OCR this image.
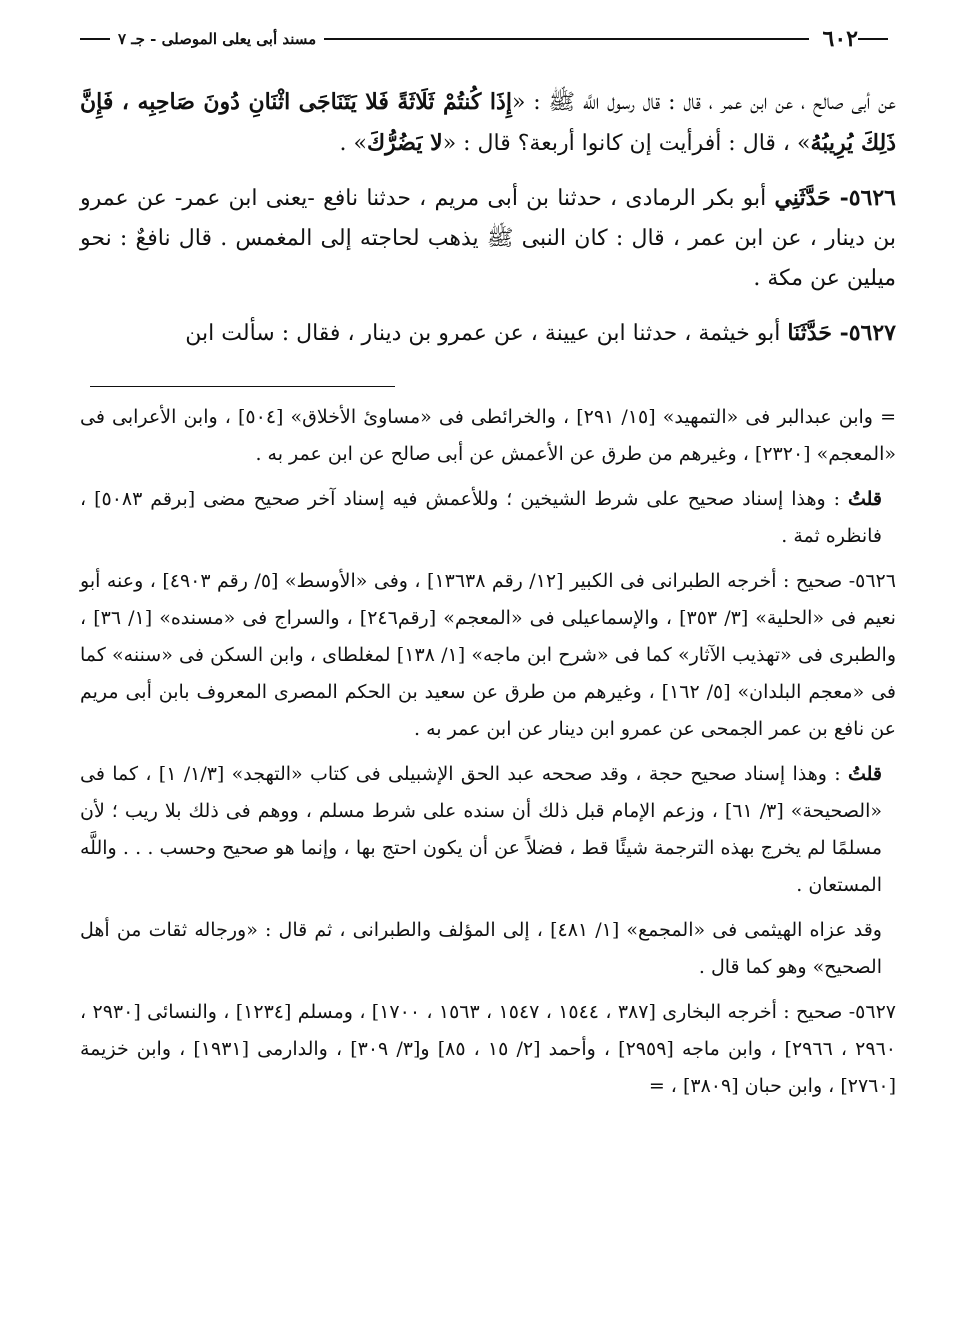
٦٠٢
مسند أبى يعلى الموصلى - جـ ٧

عن أبى صالح ، عن ابن عمر ، قال : قال رسول اللَّه ﷺ : «إِذَا كُنتُمْ ثَلَاثَةً فَلا يَتَنَاجَى اثْنَانِ دُونَ صَاحِبِه ، فَإِنَّ ذَلِكَ يُرِيبُهُ» ، قال : أفرأيت إن كانوا أربعة؟ قال : «لا يَضُرُّكَ» .

٥٦٢٦- حَدَّثَنِي أبو بكر الرمادى ، حدثنا بن أبى مريم ، حدثنا نافع -يعنى ابن عمر- عن عمرو بن دينار ، عن ابن عمر ، قال : كان النبى ﷺ يذهب لحاجته إلى المغمس . قال نافعٌ : نحو ميلين عن مكة .

٥٦٢٧- حَدَّثَنَا أبو خيثمة ، حدثنا ابن عيينة ، عن عمرو بن دينار ، فقال : سألت ابن

= وابن عبدالبر فى «التمهيد» [١٥/ ٢٩١] ، والخرائطى فى «مساوئ الأخلاق» [٥٠٤] ، وابن الأعرابى فى «المعجم» [٢٣٢٠] ، وغيرهم من طرق عن الأعمش عن أبى صالح عن ابن عمر به .

قلتُ : وهذا إسناد صحيح على شرط الشيخين ؛ وللأعمش فيه إسناد آخر صحيح مضى [برقم ٥٠٨٣] ، فانظره ثمة .

٥٦٢٦- صحيح : أخرجه الطبرانى فى الكبير [١٢/ رقم ١٣٦٣٨] ، وفى «الأوسط» [٥/ رقم ٤٩٠٣] ، وعنه أبو نعيم فى «الحلية» [٣/ ٣٥٣] ، والإسماعيلى فى «المعجم» [رقم٢٤٦] ، والسراج فى «مسنده» [١/ ٣٦] ، والطبرى فى «تهذيب الآثار» كما فى «شرح ابن ماجه» [١/ ١٣٨] لمغلطاى ، وابن السكن فى «سننه» كما فى «معجم البلدان» [٥/ ١٦٢] ، وغيرهم من طرق عن سعيد بن الحكم المصرى المعروف بابن أبى مريم عن نافع بن عمر الجمحى عن عمرو ابن دينار عن ابن عمر به .

قلتُ : وهذا إسناد صحيح حجة ، وقد صححه عبد الحق الإشبيلى فى كتاب «التهجد» [١/٣/ ١] ، كما فى «الصحيحة» [٣/ ٦١] ، وزعم الإمام قبل ذلك أن سنده على شرط مسلم ، ووهم فى ذلك بلا ريب ؛ لأن مسلمًا لم يخرج بهذه الترجمة شيئًا قط ، فضلاً عن أن يكون احتج بها ، وإنما هو صحيح وحسب . . . واللَّه المستعان .

وقد عزاه الهيثمى فى «المجمع» [١/ ٤٨١] ، إلى المؤلف والطبرانى ، ثم قال : «ورجاله ثقات من أهل الصحيح» وهو كما قال .

٥٦٢٧- صحيح : أخرجه البخارى [٣٨٧ ، ١٥٤٤ ، ١٥٤٧ ، ١٥٦٣ ، ١٧٠٠] ، ومسلم [١٢٣٤] ، والنسائى [٢٩٣٠ ، ٢٩٦٠ ، ٢٩٦٦] ، وابن ماجه [٢٩٥٩] ، وأحمد [٢/ ١٥ ، ٨٥] و[٣/ ٣٠٩] ، والدارمى [١٩٣١] ، وابن خزيمة [٢٧٦٠] ، وابن حبان [٣٨٠٩] ، =
